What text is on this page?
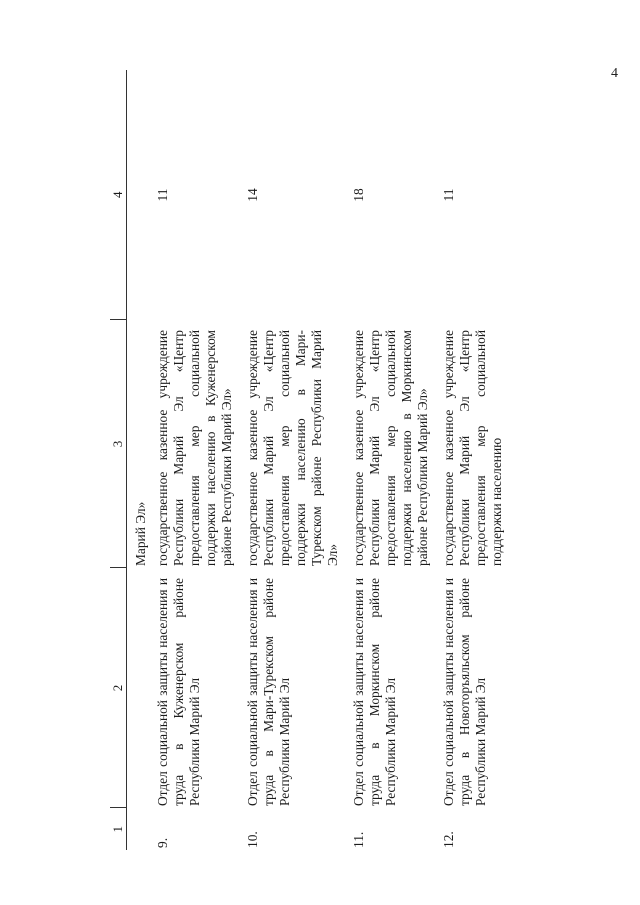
4
1	2	3	4
		Марий Эл»	
9.	Отдел социальной защиты населения и труда в Куженерском районе Республики Марий Эл	государственное казенное учреждение Республики Марий Эл «Центр предоставления мер социальной поддержки населению в Куженерском районе Республики Марий Эл»	11
10.	Отдел социальной защиты населения и труда в Мари-Турекском районе Республики Марий Эл	государственное казенное учреждение Республики Марий Эл «Центр предоставления мер социальной поддержки населению в Мари-Турекском районе Республики Марий Эл»	14
11.	Отдел социальной защиты населения и труда в Моркинском районе Республики Марий Эл	государственное казенное учреждение Республики Марий Эл «Центр предоставления мер социальной поддержки населению в Моркинском районе Республики Марий Эл»	18
12.	Отдел социальной защиты населения и труда в Новоторъяльском районе Республики Марий Эл	государственное казенное учреждение Республики Марий Эл «Центр предоставления мер социальной поддержки населению	11
